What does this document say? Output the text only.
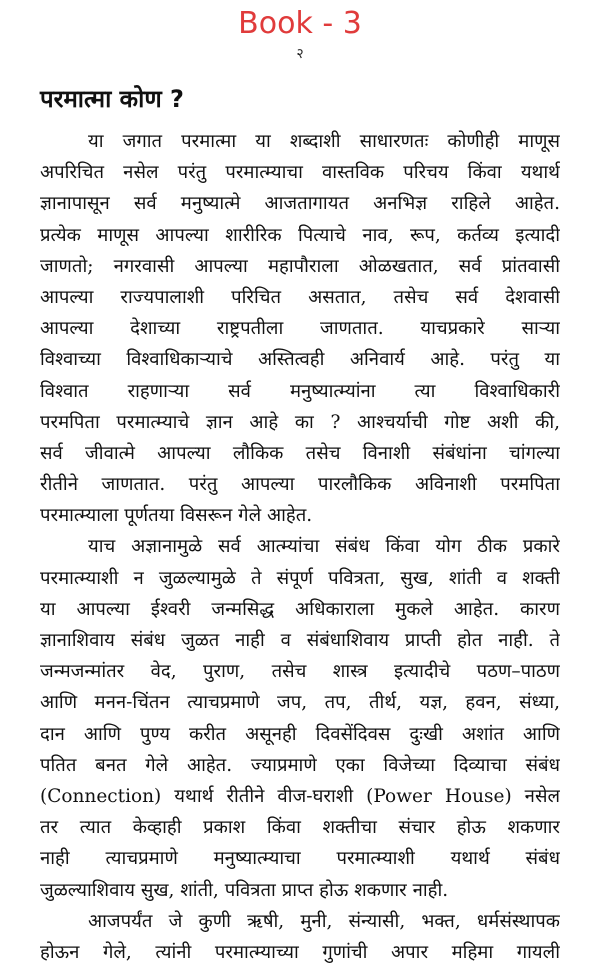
Book - 3
२
परमात्मा कोण ?
या जगात परमात्मा या शब्दाशी साधारणतः कोणीही माणूस
अपरिचित नसेल परंतु परमात्म्याचा वास्तविक परिचय किंवा यथार्थ
ज्ञानापासून सर्व मनुष्यात्मे आजतागायत अनभिज्ञ राहिले आहेत.
प्रत्येक माणूस आपल्या शारीरिक पित्याचे नाव, रूप, कर्तव्य इत्यादी
जाणतो; नगरवासी आपल्या महापौराला ओळखतात, सर्व प्रांतवासी
आपल्या राज्यपालाशी परिचित असतात, तसेच सर्व देशवासी
आपल्या देशाच्या राष्ट्रपतीला जाणतात. याचप्रकारे साऱ्या
विश्वाच्या विश्वाधिकाऱ्याचे अस्तित्वही अनिवार्य आहे. परंतु या
विश्वात राहणाऱ्या सर्व मनुष्यात्म्यांना त्या विश्वाधिकारी
परमपिता परमात्म्याचे ज्ञान आहे का ? आश्चर्याची गोष्ट अशी की,
सर्व जीवात्मे आपल्या लौकिक तसेच विनाशी संबंधांना चांगल्या
रीतीने जाणतात. परंतु आपल्या पारलौकिक अविनाशी परमपिता
परमात्म्याला पूर्णतया विसरून गेले आहेत.
याच अज्ञानामुळे सर्व आत्म्यांचा संबंध किंवा योग ठीक प्रकारे
परमात्म्याशी न जुळल्यामुळे ते संपूर्ण पवित्रता, सुख, शांती व शक्ती
या आपल्या ईश्वरी जन्मसिद्ध अधिकाराला मुकले आहेत. कारण
ज्ञानाशिवाय संबंध जुळत नाही व संबंधाशिवाय प्राप्ती होत नाही. ते
जन्मजन्मांतर वेद, पुराण, तसेच शास्त्र इत्यादीचे पठण–पाठण
आणि मनन-चिंतन त्याचप्रमाणे जप, तप, तीर्थ, यज्ञ, हवन, संध्या,
दान आणि पुण्य करीत असूनही दिवसेंदिवस दुःखी अशांत आणि
पतित बनत गेले आहेत. ज्याप्रमाणे एका विजेच्या दिव्याचा संबंध
(Connection) यथार्थ रीतीने वीज-घराशी (Power House) नसेल
तर त्यात केव्हाही प्रकाश किंवा शक्तीचा संचार होऊ शकणार
नाही त्याचप्रमाणे मनुष्यात्म्याचा परमात्म्याशी यथार्थ संबंध
जुळल्याशिवाय सुख, शांती, पवित्रता प्राप्त होऊ शकणार नाही.
आजपर्यंत जे कुणी ऋषी, मुनी, संन्यासी, भक्त, धर्मसंस्थापक
होऊन गेले, त्यांनी परमात्म्याच्या गुणांची अपार महिमा गायली
